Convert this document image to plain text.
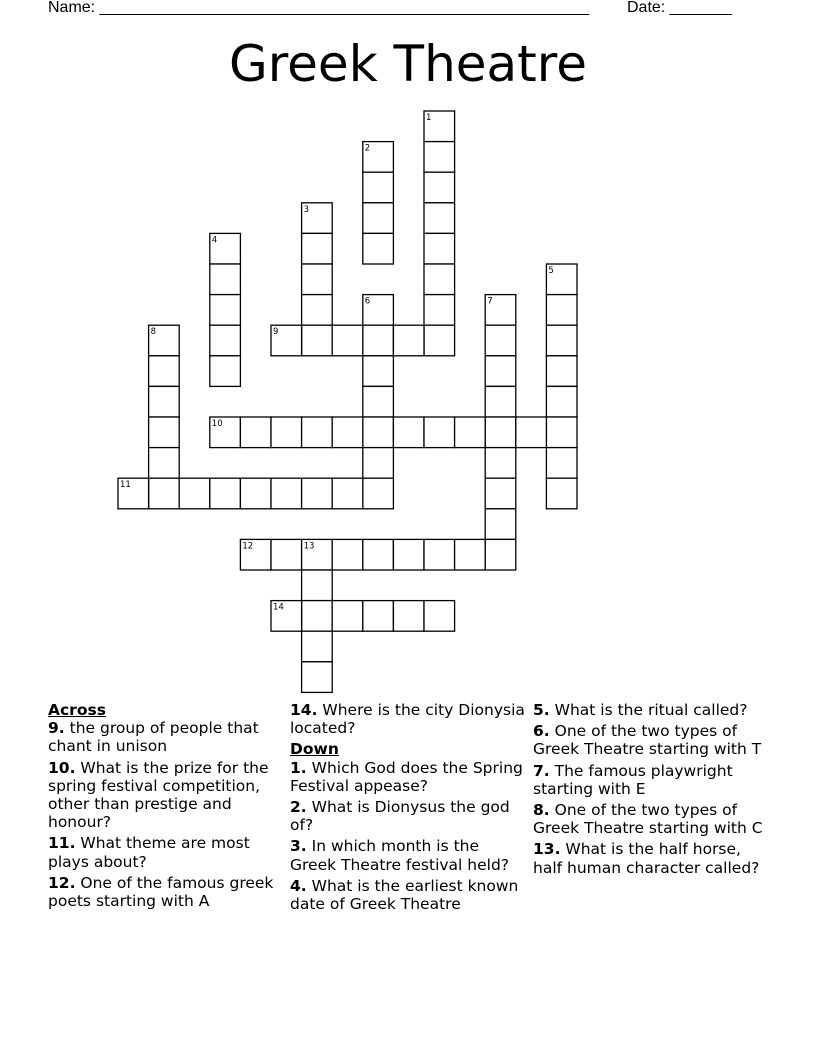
Name: _______________________________________________________ Date: _______
Greek Theatre
1
2
3
4
5
6	7
8	9
10
11
12	13
14
Across
9. the group of people that chant in unison
10. What is the prize for the spring festival competition, other than prestige and honour?
11. What theme are most plays about?
12. One of the famous greek poets starting with A
14. Where is the city Dionysia located?
Down
1. Which God does the Spring Festival appease?
2. What is Dionysus the god of?
3. In which month is the Greek Theatre festival held?
4. What is the earliest known date of Greek Theatre
5. What is the ritual called?
6. One of the two types of Greek Theatre starting with T
7. The famous playwright starting with E
8. One of the two types of Greek Theatre starting with C
13. What is the half horse, half human character called?
